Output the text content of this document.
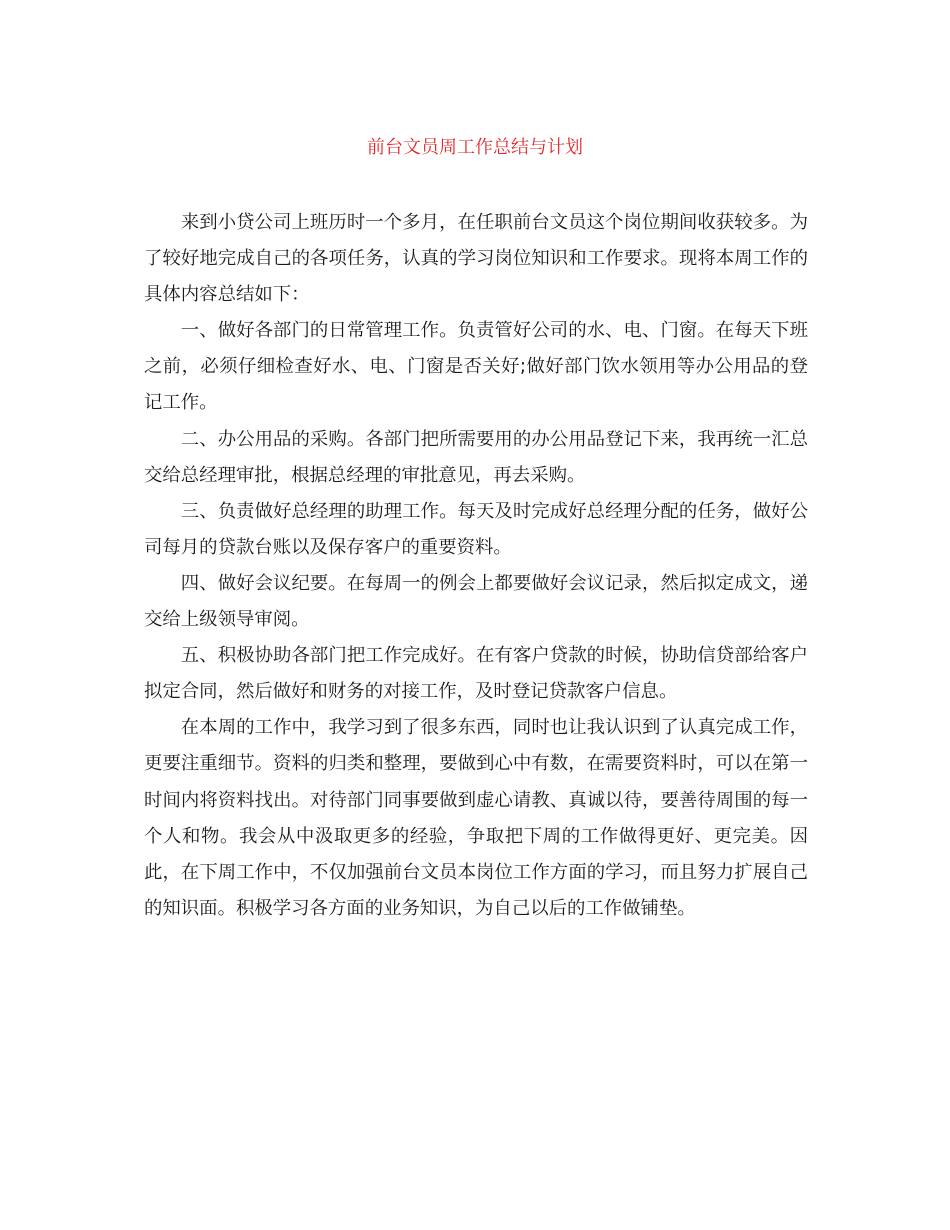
前台文员周工作总结与计划

来到小贷公司上班历时一个多月，在任职前台文员这个岗位期间收获较多。为了较好地完成自己的各项任务，认真的学习岗位知识和工作要求。现将本周工作的具体内容总结如下：

一、做好各部门的日常管理工作。负责管好公司的水、电、门窗。在每天下班之前，必须仔细检查好水、电、门窗是否关好;做好部门饮水领用等办公用品的登记工作。

二、办公用品的采购。各部门把所需要用的办公用品登记下来，我再统一汇总交给总经理审批，根据总经理的审批意见，再去采购。

三、负责做好总经理的助理工作。每天及时完成好总经理分配的任务，做好公司每月的贷款台账以及保存客户的重要资料。

四、做好会议纪要。在每周一的例会上都要做好会议记录，然后拟定成文，递交给上级领导审阅。

五、积极协助各部门把工作完成好。在有客户贷款的时候，协助信贷部给客户拟定合同，然后做好和财务的对接工作，及时登记贷款客户信息。

在本周的工作中，我学习到了很多东西，同时也让我认识到了认真完成工作，更要注重细节。资料的归类和整理，要做到心中有数，在需要资料时，可以在第一时间内将资料找出。对待部门同事要做到虚心请教、真诚以待，要善待周围的每一个人和物。我会从中汲取更多的经验，争取把下周的工作做得更好、更完美。因此，在下周工作中，不仅加强前台文员本岗位工作方面的学习，而且努力扩展自己的知识面。积极学习各方面的业务知识，为自己以后的工作做铺垫。
